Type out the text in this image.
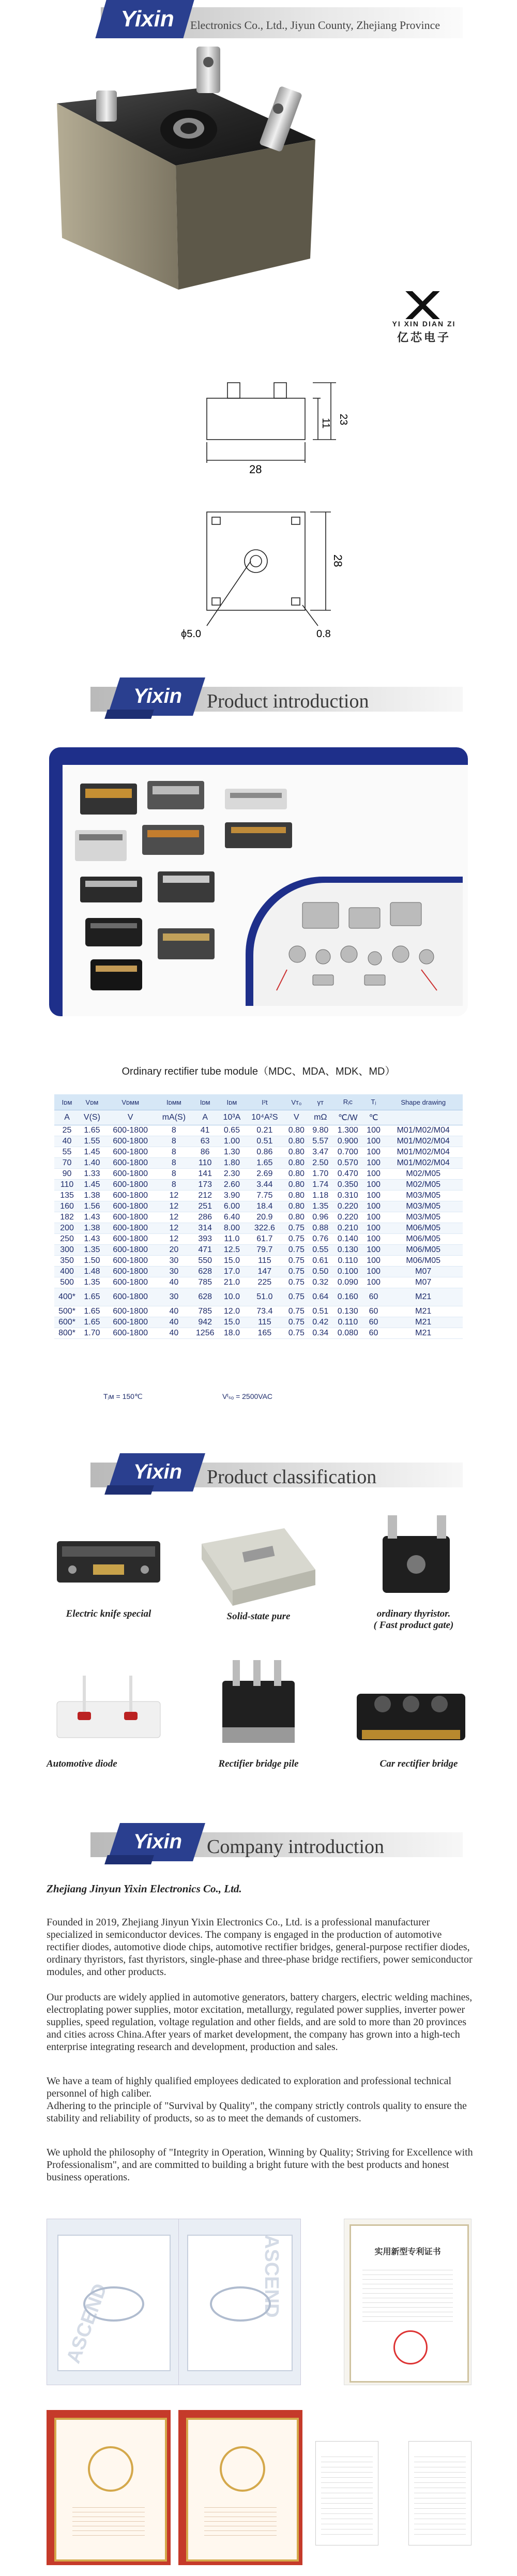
Yixin	Electronics Co., Ltd., Jiyun County, Zhejiang Province
YI XIN DIAN ZI
亿芯电子
23
11
28
28
ϕ5.0	0.8
Yixin	Product introduction
Ordinary rectifier tube module（MDC、MDA、MDK、MD）
Iᴅᴍ	Vᴅᴍ	Vᴅᴍᴍ	Iᴅᴍᴍ	Iᴅᴍ	Iᴅᴍ	I²t	Vᴛ₀	γᴛ	Rⱼᴄ	Tⱼ	Shape drawing
A	V(S)	V	mA(S)	A	10³A	10⁴A²S	V	mΩ	℃/W	℃	
25	1.65	600-1800	8	41	0.65	0.21	0.80	9.80	1.300	100	M01/M02/M04
40	1.55	600-1800	8	63	1.00	0.51	0.80	5.57	0.900	100	M01/M02/M04
55	1.45	600-1800	8	86	1.30	0.86	0.80	3.47	0.700	100	M01/M02/M04
70	1.40	600-1800	8	110	1.80	1.65	0.80	2.50	0.570	100	M01/M02/M04
90	1.33	600-1800	8	141	2.30	2.69	0.80	1.70	0.470	100	M02/M05
110	1.45	600-1800	8	173	2.60	3.44	0.80	1.74	0.350	100	M02/M05
135	1.38	600-1800	12	212	3.90	7.75	0.80	1.18	0.310	100	M03/M05
160	1.56	600-1800	12	251	6.00	18.4	0.80	1.35	0.220	100	M03/M05
182	1.43	600-1800	12	286	6.40	20.9	0.80	0.96	0.220	100	M03/M05
200	1.38	600-1800	12	314	8.00	322.6	0.75	0.88	0.210	100	M06/M05
250	1.43	600-1800	12	393	11.0	61.7	0.75	0.76	0.140	100	M06/M05
300	1.35	600-1800	20	471	12.5	79.7	0.75	0.55	0.130	100	M06/M05
350	1.50	600-1800	30	550	15.0	115	0.75	0.61	0.110	100	M06/M05
400	1.48	600-1800	30	628	17.0	147	0.75	0.50	0.100	100	M07
500	1.35	600-1800	40	785	21.0	225	0.75	0.32	0.090	100	M07
400*	1.65	600-1800	30	628	10.0	51.0	0.75	0.64	0.160	60	M21
500*	1.65	600-1800	40	785	12.0	73.4	0.75	0.51	0.130	60	M21
600*	1.65	600-1800	40	942	15.0	115	0.75	0.42	0.110	60	M21
800*	1.70	600-1800	40	1256	18.0	165	0.75	0.34	0.080	60	M21
Tⱼᴍ = 150℃	Vᴵₛₒ = 2500VAC
Yixin	Product classification
Electric knife special	Solid-state pure	ordinary thyristor.
( Fast product gate)
Automotive diode	Rectifier bridge pile	Car rectifier bridge
Yixin	Company introduction
Zhejiang Jinyun Yixin Electronics Co., Ltd.
Founded in 2019, Zhejiang Jinyun Yixin Electronics Co., Ltd. is a professional manufacturer specialized in semiconductor devices. The company is engaged in the production of automotive rectifier diodes, automotive diode chips, automotive rectifier bridges, general-purpose rectifier diodes, ordinary thyristors, fast thyristors, single-phase and three-phase bridge rectifiers, power semiconductor modules, and other products.
Our products are widely applied in automotive generators, battery chargers, electric welding machines, electroplating power supplies, motor excitation, metallurgy, regulated power supplies, inverter power supplies, speed regulation, voltage regulation and other fields, and are sold to more than 20 provinces and cities across China.After years of market development, the company has grown into a high-tech enterprise integrating research and development, production and sales.
We have a team of highly qualified employees dedicated to exploration and professional technical personnel of high caliber.
Adhering to the principle of "Survival by Quality", the company strictly controls quality to ensure the stability and reliability of products, so as to meet the demands of customers.
We uphold the philosophy of "Integrity in Operation, Winning by Quality; Striving for Excellence with Professionalism", and are committed to building a bright future with the best products and honest business operations.
ASCEND
ASCEND	实用新型专利证书
